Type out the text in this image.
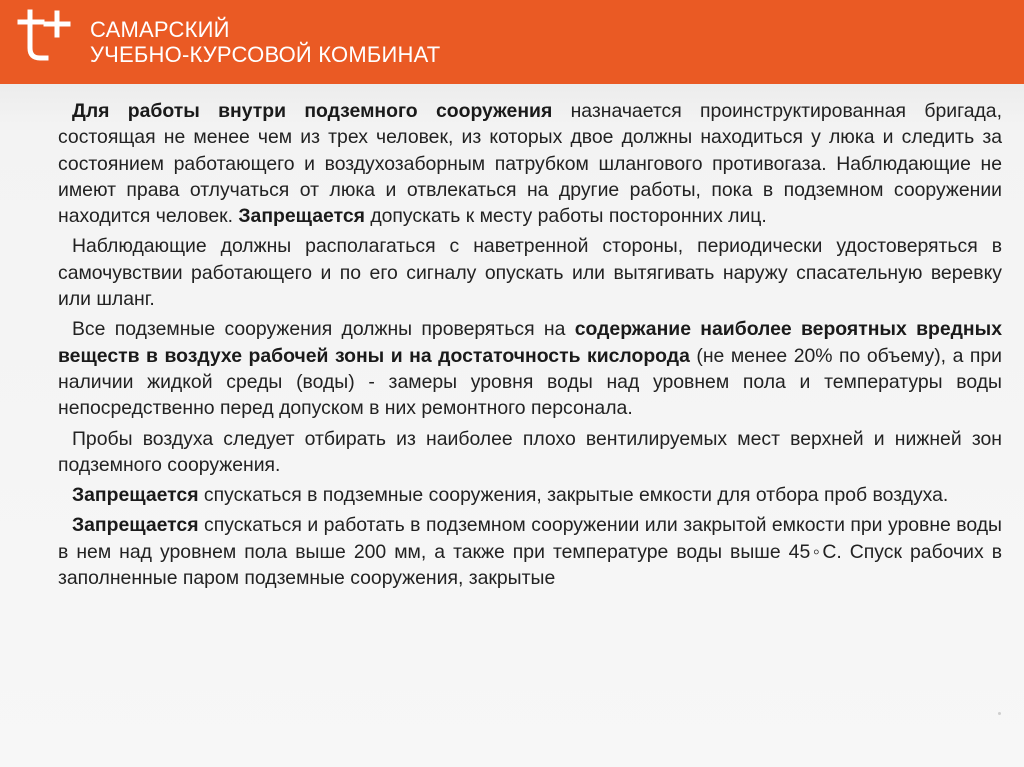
САМАРСКИЙ
УЧЕБНО-КУРСОВОЙ КОМБИНАТ

Для работы внутри подземного сооружения назначается проинструктированная бригада, состоящая не менее чем из трех человек, из которых двое должны находиться у люка и следить за состоянием работающего и воздухозаборным патрубком шлангового противогаза. Наблюдающие не имеют права отлучаться от люка и отвлекаться на другие работы, пока в подземном сооружении находится человек. Запрещается допускать к месту работы посторонних лиц.

Наблюдающие должны располагаться с наветренной стороны, периодически удостоверяться в самочувствии работающего и по его сигналу опускать или вытягивать наружу спасательную веревку или шланг.

Все подземные сооружения должны проверяться на содержание наиболее вероятных вредных веществ в воздухе рабочей зоны и на достаточность кислорода (не менее 20% по объему), а при наличии жидкой среды (воды) - замеры уровня воды над уровнем пола и температуры воды непосредственно перед допуском в них ремонтного персонала.

Пробы воздуха следует отбирать из наиболее плохо вентилируемых мест верхней и нижней зон подземного сооружения.

Запрещается спускаться в подземные сооружения, закрытые емкости для отбора проб воздуха.

Запрещается спускаться и работать в подземном сооружении или закрытой емкости при уровне воды в нем над уровнем пола выше 200 мм, а также при температуре воды выше 45◦С. Спуск рабочих в заполненные паром подземные сооружения, закрытые
